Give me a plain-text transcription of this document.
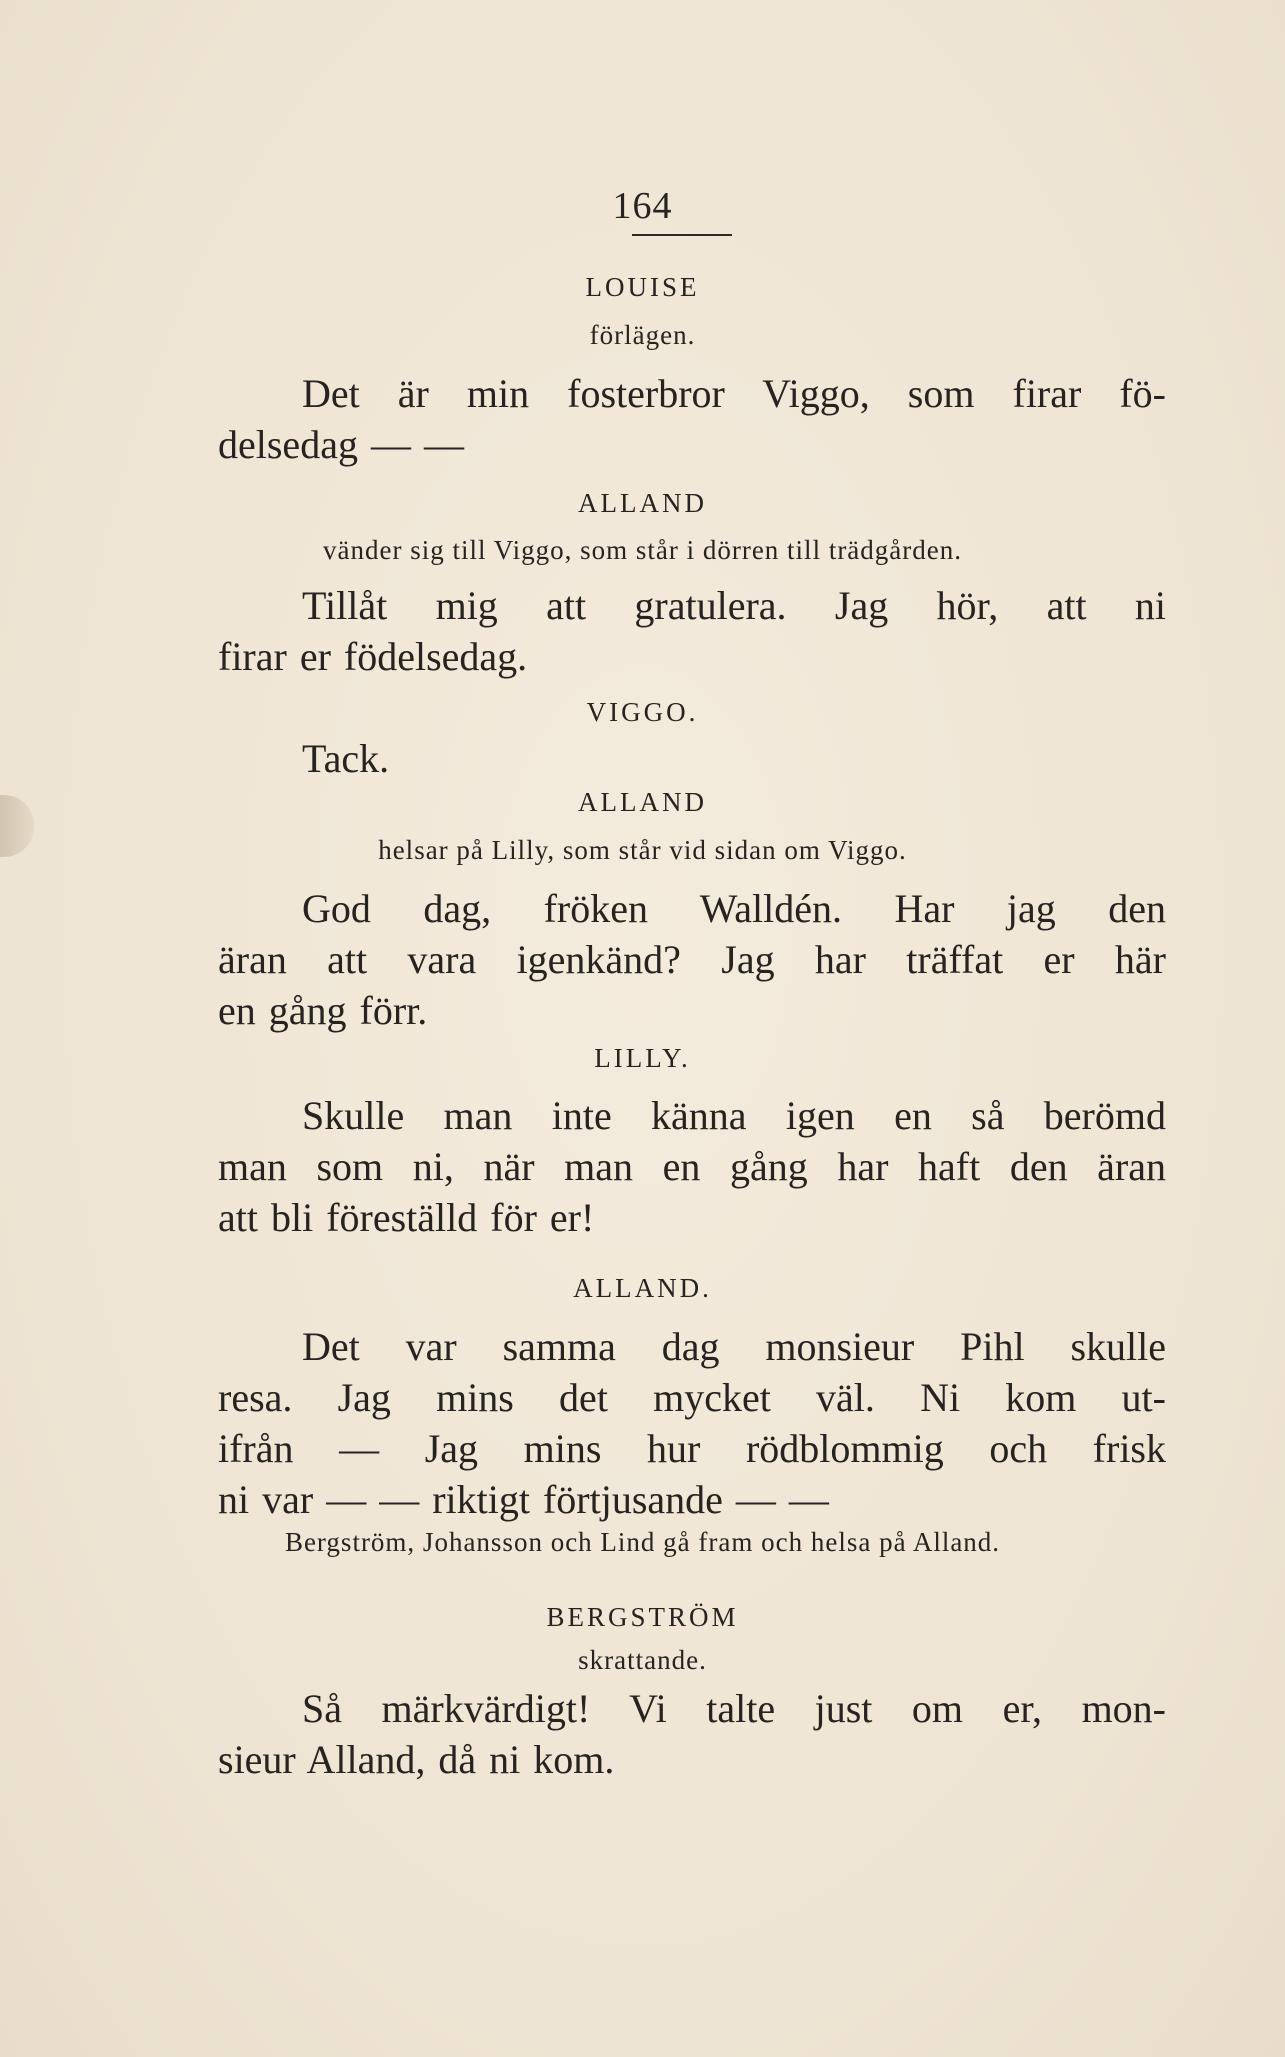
164
LOUISE
förlägen.
Det är min fosterbror Viggo, som firar fö-
delsedag — —
ALLAND
vänder sig till Viggo, som står i dörren till trädgården.
Tillåt mig att gratulera. Jag hör, att ni
firar er födelsedag.
VIGGO.
Tack.
ALLAND
helsar på Lilly, som står vid sidan om Viggo.
God dag, fröken Walldén. Har jag den
äran att vara igenkänd? Jag har träffat er här
en gång förr.
LILLY.
Skulle man inte känna igen en så berömd
man som ni, när man en gång har haft den äran
att bli föreställd för er!
ALLAND.
Det var samma dag monsieur Pihl skulle
resa. Jag mins det mycket väl. Ni kom ut-
ifrån — Jag mins hur rödblommig och frisk
ni var — — riktigt förtjusande — —
Bergström, Johansson och Lind gå fram och helsa på Alland.
BERGSTRÖM
skrattande.
Så märkvärdigt! Vi talte just om er, mon-
sieur Alland, då ni kom.
